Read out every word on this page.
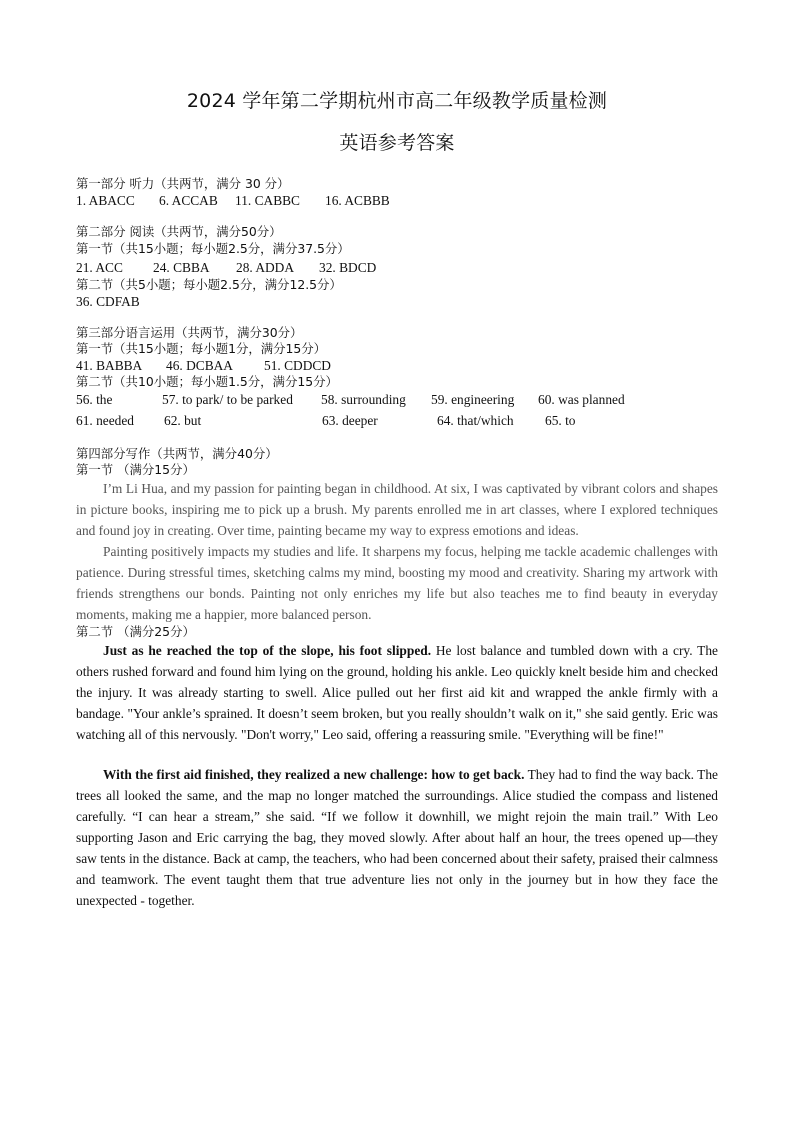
2024 学年第二学期杭州市高二年级教学质量检测
英语参考答案
第一部分 听力（共两节，满分 30 分）
1. ABACC 6. ACCAB 11. CABBC 16. ACBBB
第二部分 阅读（共两节，满分50分）
第一节（共15小题；每小题2.5分，满分37.5分）
21. ACC 24. CBBA 28. ADDA 32. BDCD
第二节（共5小题；每小题2.5分，满分12.5分）
36. CDFAB
第三部分语言运用（共两节，满分30分）
第一节（共15小题；每小题1分，满分15分）
41. BABBA 46. DCBAA 51. CDDCD
第二节（共10小题；每小题1.5分，满分15分）
56. the	57. to park/ to be parked 58. surrounding 59. engineering 60. was planned
61. needed 62. but	63. deeper	64. that/which 65. to
第四部分写作（共两节，满分40分）
第一节 （满分15分）

I’m Li Hua, and my passion for painting began in childhood. At six, I was captivated by vibrant colors and shapes in picture books, inspiring me to pick up a brush. My parents enrolled me in art classes, where I explored techniques and found joy in creating. Over time, painting became my way to express emotions and ideas.

Painting positively impacts my studies and life. It sharpens my focus, helping me tackle academic challenges with patience. During stressful times, sketching calms my mind, boosting my mood and creativity. Sharing my artwork with friends strengthens our bonds. Painting not only enriches my life but also teaches me to find beauty in everyday moments, making me a happier, more balanced person.

第二节 （满分25分）

Just as he reached the top of the slope, his foot slipped. He lost balance and tumbled down with a cry. The others rushed forward and found him lying on the ground, holding his ankle. Leo quickly knelt beside him and checked the injury. It was already starting to swell. Alice pulled out her first aid kit and wrapped the ankle firmly with a bandage. "Your ankle’s sprained. It doesn’t seem broken, but you really shouldn’t walk on it," she said gently. Eric was watching all of this nervously. "Don't worry," Leo said, offering a reassuring smile. "Everything will be fine!"

With the first aid finished, they realized a new challenge: how to get back. They had to find the way back. The trees all looked the same, and the map no longer matched the surroundings. Alice studied the compass and listened carefully. “I can hear a stream,” she said. “If we follow it downhill, we might rejoin the main trail.” With Leo supporting Jason and Eric carrying the bag, they moved slowly. After about half an hour, the trees opened up—they saw tents in the distance. Back at camp, the teachers, who had been concerned about their safety, praised their calmness and teamwork. The event taught them that true adventure lies not only in the journey but in how they face the unexpected - together.
